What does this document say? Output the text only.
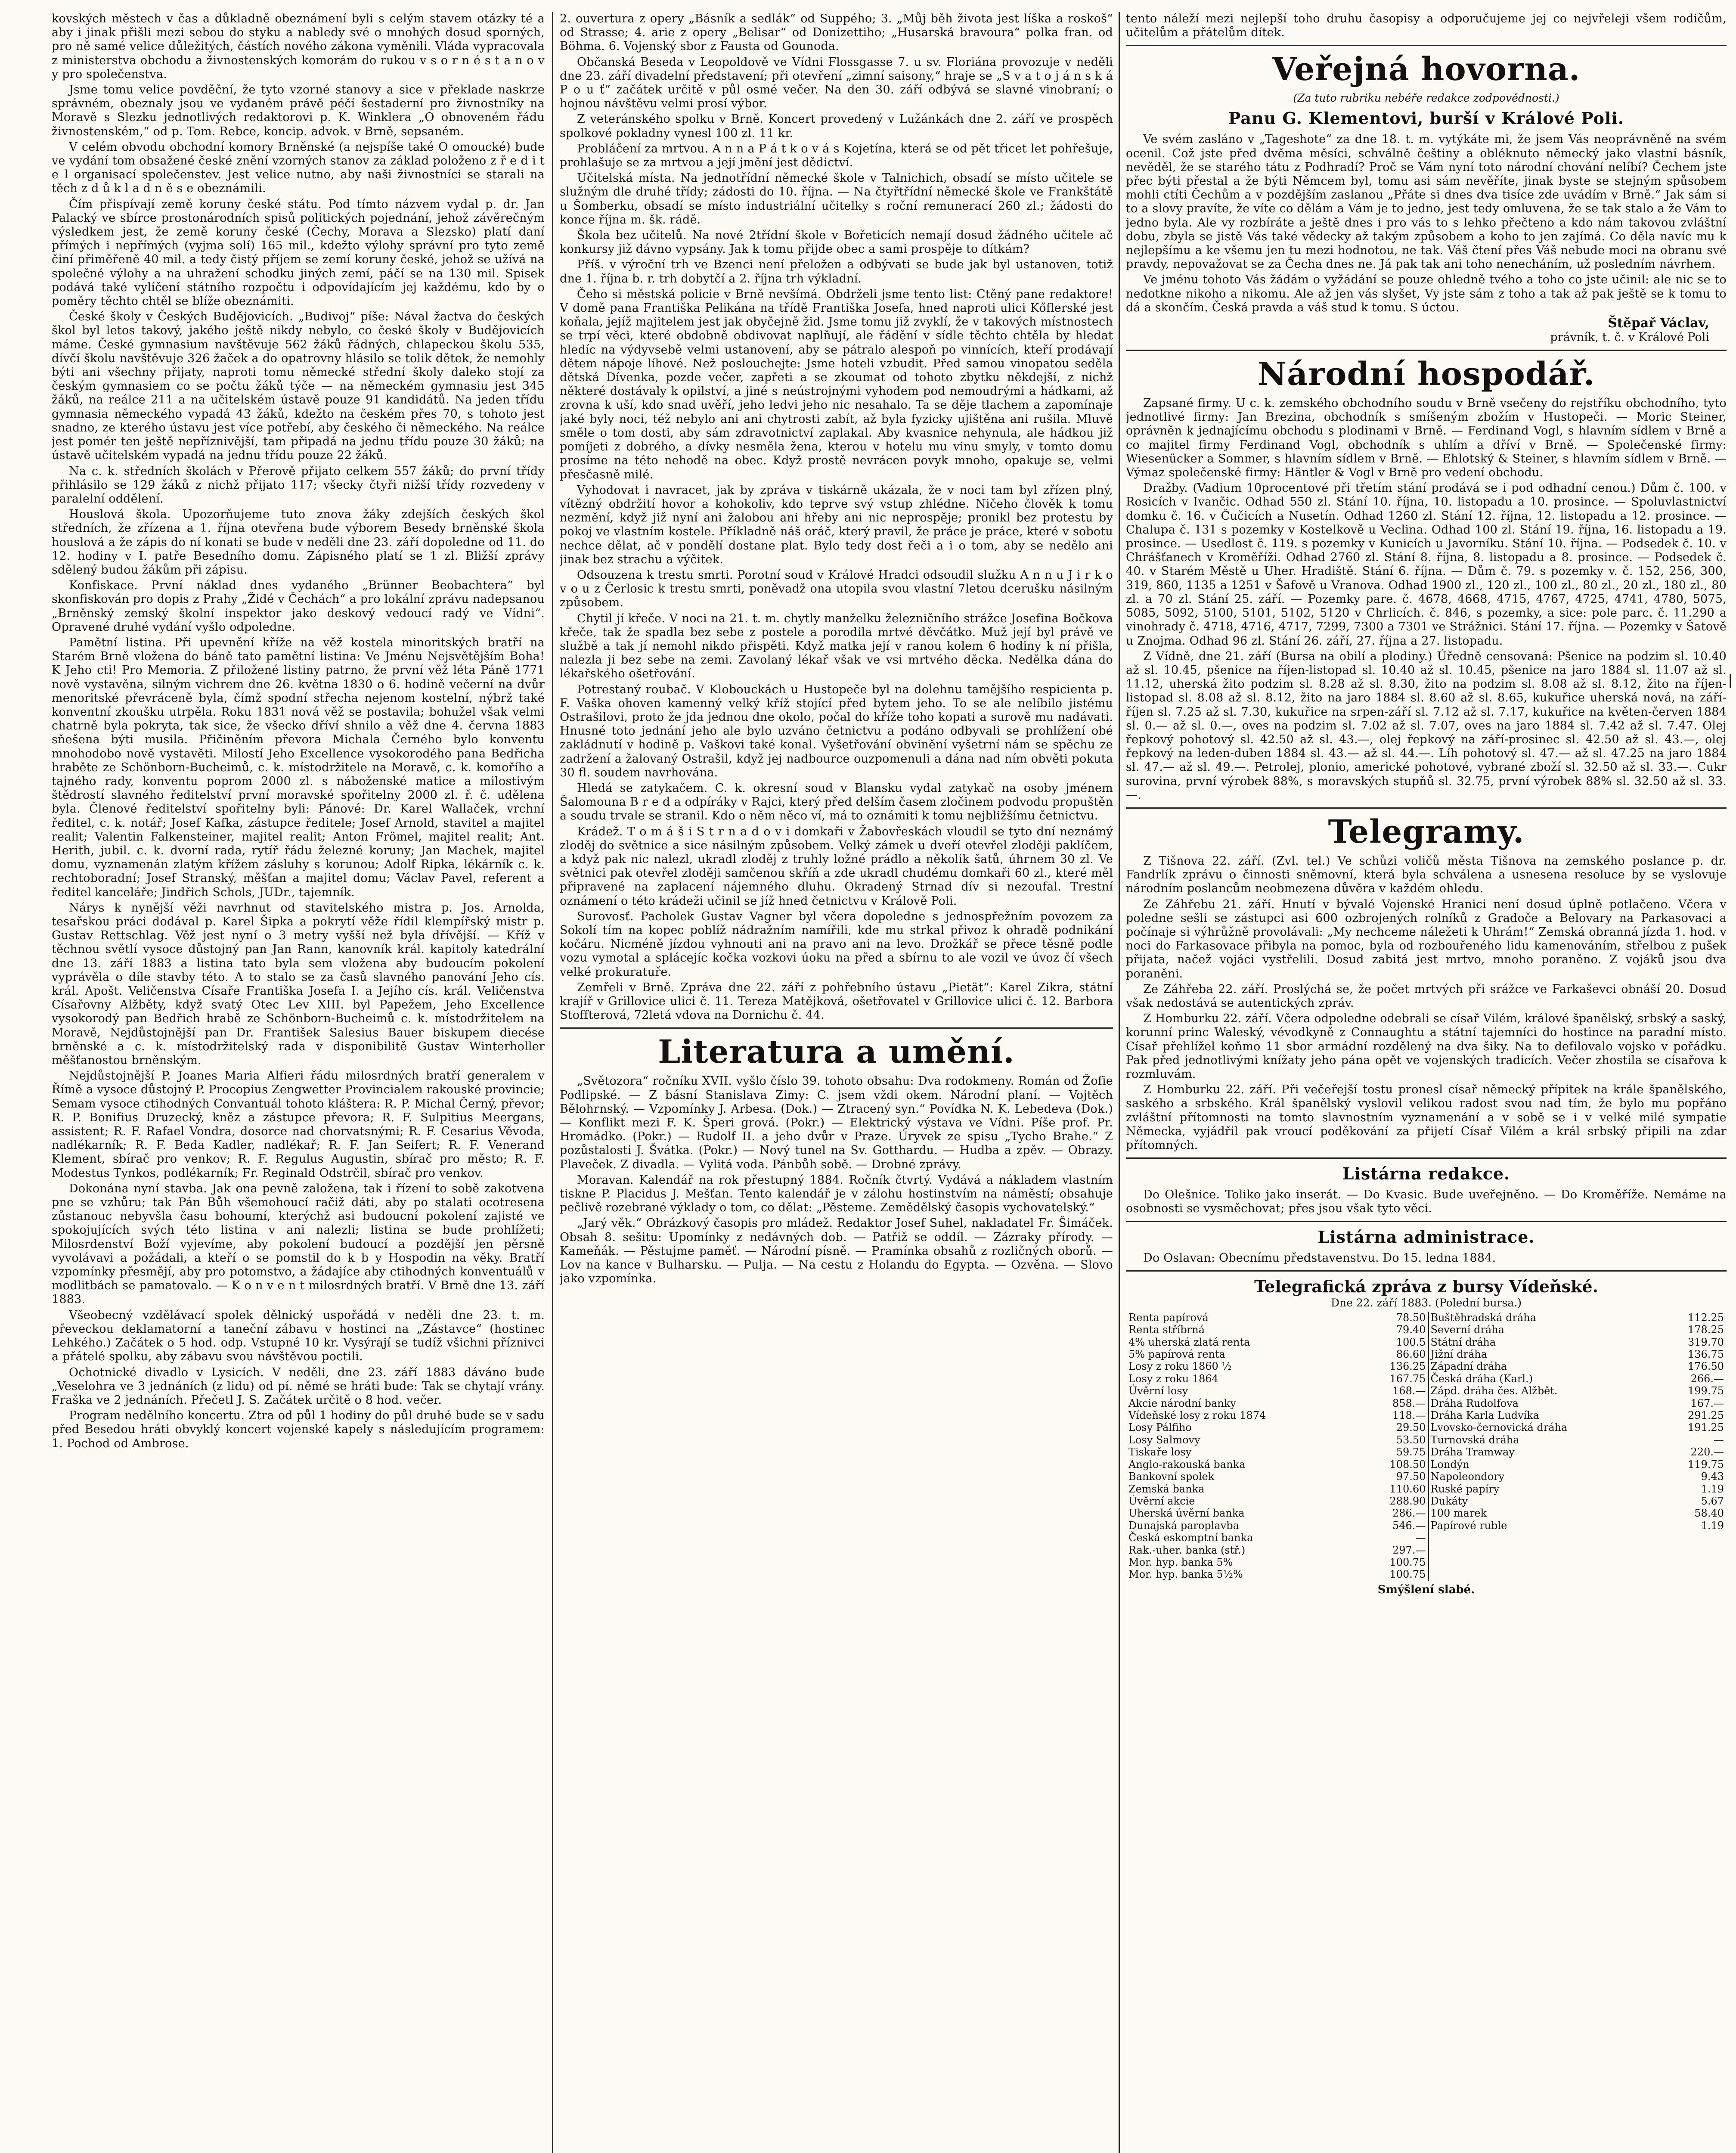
kovských městech v čas a důkladně obeznámení byli s celým stavem otázky té a aby i jinak přišli mezi sebou do styku a nabledy své o mnohých dosud sporných, pro ně samé velice důležitých, částích nového zákona vyměnili. Vláda vypracovala z ministerstva obchodu a živnostenských komorám do rukou v s o r n é s t a n o v y pro společenstva.

Jsme tomu velice povděční, že tyto vzorné stanovy a sice v překlade naskrze správném, obeznaly jsou ve vydaném právě péčí šestaderní pro živnostníky na Moravě s Slezku jednotlivých redaktorovi p. K. Winklera „O obnoveném řádu živnostenském,“ od p. Tom. Rebce, koncip. advok. v Brně, sepsaném.

V celém obvodu obchodní komory Brněnské (a nejspíše také O omoucké) bude ve vydání tom obsažené české znění vzorných stanov za základ položeno z ř e d i t e l organisací společenstev. Jest velice nutno, aby naši živnostníci se starali na těch z d ů k l a d n ě s e obeznámili.

Čím přispívají země koruny české státu. Pod tímto názvem vydal p. dr. Jan Palacký ve sbírce prostonárodních spisů politických pojednání, jehož závěrečným výsledkem jest, že země koruny české (Čechy, Morava a Slezsko) platí daní přímých i nepřímých (vyjma solí) 165 mil., kdežto výlohy správní pro tyto země činí přiměřeně 40 mil. a tedy čistý příjem se zemí koruny české, jehož se užívá na společné výlohy a na uhražení schodku jiných zemí, páčí se na 130 mil. Spisek podává také vylíčení státního rozpočtu i odpovídajícím jej každému, kdo by o poměry těchto chtěl se blíže obeznámiti.

České školy v Českých Budějovicích. „Budivoj“ píše: Nával žactva do českých škol byl letos takový, jakého ještě nikdy nebylo, co české školy v Budějovicích máme. České gymnasium navštěvuje 562 žáků řádných, chlapeckou školu 535, dívčí školu navštěvuje 326 žaček a do opatrovny hlásilo se tolik dětek, že nemohly býti ani všechny přijaty, naproti tomu německé střední školy daleko stojí za českým gymnasiem co se počtu žáků týče — na německém gymnasiu jest 345 žáků, na reálce 211 a na učitelském ústavě pouze 91 kandidátů. Na jeden třídu gymnasia německého vypadá 43 žáků, kdežto na českém přes 70, s tohoto jest snadno, ze kterého ústavu jest více potřebí, aby českého či německého. Na reálce jest pomér ten ještě nepříznivější, tam připadá na jednu třídu pouze 30 žáků; na ústavě učitelském vypadá na jednu třídu pouze 22 žáků.

Na c. k. středních školách v Přerově přijato celkem 557 žáků; do první třídy přihlásilo se 129 žáků z nichž přijato 117; všecky čtyři nižší třídy rozvedeny v paralelní oddělení.

Houslová škola. Upozorňujeme tuto znova žáky zdejších českých škol středních, že zřízena a 1. října otevřena bude výborem Besedy brněnské škola houslová a že zápis do ní konati se bude v neděli dne 23. září dopoledne od 11. do 12. hodiny v I. patře Besedního domu. Zápisného platí se 1 zl. Bližší zprávy sdělený budou žákům při zápisu.

Konfiskace. První náklad dnes vydaného „Brünner Beobachtera“ byl skonfiskován pro dopis z Prahy „Židé v Čechách“ a pro lokální zprávu nadepsanou „Brněnský zemský školní inspektor jako deskový vedoucí radý ve Vídni“. Opravené druhé vydání vyšlo odpoledne.

Pamětní listina. Při upevnění kříže na věž kostela minoritských bratří na Starém Brně vložena do báně tato pamětní listina: Ve Jménu Nejsvětějším Boha! K Jeho cti! Pro Memoria. Z přiložené listiny patrno, že první věž léta Páně 1771 nově vystavěna, silným vichrem dne 26. května 1830 o 6. hodině večerní na dvůr menoritské převráceně byla, čímž spodní střecha nejenom kostelní, nýbrž také konventní zkoušku utrpěla. Roku 1831 nová věž se postavila; bohužel však velmi chatrně byla pokryta, tak sice, že všecko dříví shnilo a věž dne 4. června 1883 sňešena býti musila. Přičiněním převora Michala Černého bylo konventu mnohodobo nově vystavěti. Milostí Jeho Excellence vysokorodého pana Bedřicha hraběte ze Schönborn-Bucheimů, c. k. místodržitele na Moravě, c. k. komořího a tajného rady, konventu poprom 2000 zl. s náboženské matice a milostivým štědrostí slavného ředitelství první moravské spořitelny 2000 zl. ř. č. udělena byla. Členové ředitelství spořitelny byli: Pánové: Dr. Karel Wallaček, vrchní ředitel, c. k. notář; Josef Kafka, zástupce ředitele; Josef Arnold, stavitel a majitel realit; Valentin Falkensteiner, majitel realit; Anton Frömel, majitel realit; Ant. Herith, jubil. c. k. dvorní rada, rytíř řádu železné koruny; Jan Machek, majitel domu, vyznamenán zlatým křížem zásluhy s korunou; Adolf Ripka, lékárník c. k. rechtoboradní; Josef Stranský, měšťan a majitel domu; Václav Pavel, referent a ředitel kanceláře; Jindřich Schols, JUDr., tajemník.

Nárys k nynější věži navrhnut od stavitelského mistra p. Jos. Arnolda, tesařskou práci dodával p. Karel Šipka a pokrytí věže řídil klempířský mistr p. Gustav Rettschlag. Věž jest nyní o 3 metry vyšší než byla dřívější. — Kříž v těchnou světlí vysoce důstojný pan Jan Rann, kanovník král. kapitoly katedrální dne 13. září 1883 a listina tato byla sem vložena aby budoucím pokolení vyprávěla o díle stavby této. A to stalo se za časů slavného panování Jeho cís. král. Apošt. Veličenstva Císaře Františka Josefa I. a Jejího cís. král. Veličenstva Císařovny Alžběty, když svatý Otec Lev XIII. byl Papežem, Jeho Excellence vysokorodý pan Bedřich hrabě ze Schönborn-Bucheimů c. k. místodržitelem na Moravě, Nejdůstojnější pan Dr. František Salesius Bauer biskupem diecése brněnské a c. k. místodržitelský rada v disponibilitě Gustav Winterholler měšťanostou brněnským.

Nejdůstojnější P. Joanes Maria Alfieri řádu milosrdných bratří generalem v Římě a vysoce důstojný P. Procopius Zengwetter Provincialem rakouské provincie; Semam vysoce ctihodných Convantuál tohoto kláštera: R. P. Michal Černý, převor; R. P. Bonifius Druzecký, kněz a zástupce převora; R. F. Sulpitius Meergans, assistent; R. F. Rafael Vondra, dosorce nad chorvatsnými; R. F. Cesarius Věvoda, nadlékarník; R. F. Beda Kadler, nadlékař; R. F. Jan Seifert; R. F. Venerand Klement, sbírač pro venkov; R. F. Regulus Augustin, sbírač pro město; R. F. Modestus Tynkos, podlékarník; Fr. Reginald Odstrčil, sbírač pro venkov.

Dokonána nyní stavba. Jak ona pevně založena, tak i řízení to sobě zakotvena pne se vzhůru; tak Pán Bůh všemohoucí račiž dáti, aby po stalati ocotresena zůstanouc nebyvšla času bohoumí, kterýchž asi budoucní pokolení zajisté ve spokojujících svých této listina v ani nalezli; listina se bude prohlížeti; Milosrdenství Boží vyjevíme, aby pokolení budoucí a pozdější jen pěrsně vyvolávavi a požádali, a kteří o se pomstil do k b y Hospodin na věky. Bratří vzpomínky přesmějí, aby pro potomstvo, a žádajíce aby ctihodných konventuálů v modlitbách se pamatovalo. — K o n v e n t milosrdných bratří. V Brně dne 13. září 1883.

Všeobecný vzdělávací spolek dělnický uspořádá v neděli dne 23. t. m. převeckou deklamatorní a taneční zábavu v hostinci na „Zástavce“ (hostinec Lehkého.) Začátek o 5 hod. odp. Vstupné 10 kr. Vysýrají se tudíž všichni příznivci a přátelé spolku, aby zábavu svou návštěvou poctili.

Ochotnické divadlo v Lysicích. V neděli, dne 23. září 1883 dáváno bude „Veselohra ve 3 jednáních (z lidu) od pí. němé se hráti bude: Tak se chytají vrány. Fraška ve 2 jednáních. Přečetl J. S. Začátek určitě o 8 hod. večer.

Program nedělního koncertu. Ztra od půl 1 hodiny do půl druhé bude se v sadu před Besedou hráti obvyklý koncert vojenské kapely s následujícím programem: 1. Pochod od Ambrose.

2. ouvertura z opery „Básník a sedlák“ od Suppého; 3. „Můj běh života jest líška a roskoš“ od Strasse; 4. arie z opery „Belisar“ od Donizettiho; „Husarská bravoura“ polka fran. od Böhma. 6. Vojenský sbor z Fausta od Gounoda.

Občanská Beseda v Leopoldově ve Vídni Flossgasse 7. u sv. Floriána provozuje v neděli dne 23. září divadelní představení; při otevření „zimní saisony,“ hraje se „S v a t o j á n s k á P o u ť“ začátek určitě v půl osmé večer. Na den 30. září odbývá se slavné vinobraní; o hojnou návštěvu velmi prosí výbor.

Z veteránského spolku v Brně. Koncert provedený v Lužánkách dne 2. září ve prospěch spolkové pokladny vynesl 100 zl. 11 kr.

Probláčení za mrtvou. A n n a P á t k o v á s Kojetína, která se od pět třicet let pohřešuje, prohlašuje se za mrtvou a její jmění jest dědictví.

Učitelská místa. Na jednotřídní německé škole v Talnichich, obsadí se místo učitele se služným dle druhé třídy; zádosti do 10. října. — Na čtyřtřídní německé škole ve Frankštátě u Šomberku, obsadí se místo industriální učitelky s roční remunerací 260 zl.; žádosti do konce října m. šk. rádě.

Škola bez učitelů. Na nové 2třídní škole v Bořeticích nemají dosud žádného učitele ač konkursy již dávno vypsány. Jak k tomu přijde obec a sami prospěje to dítkám?

Příš. v výroční trh ve Bzenci není přeložen a odbývati se bude jak byl ustanoven, totiž dne 1. října b. r. trh dobytčí a 2. října trh výkladní.

Čeho si městská policie v Brně nevšímá. Obdrželi jsme tento list: Ctěný pane redaktore! V domě pana Františka Pelikána na třídě Františka Josefa, hned naproti ulici Kőflerské jest koňala, jejíž majitelem jest jak obyčejně žid. Jsme tomu již zvyklí, že v takových místnostech se trpí věci, které obdobně obdivovat naplňují, ale řádění v sídle těchto chtěla by hledat hledíc na výdyvsebě velmi ustanovení, aby se pátralo alespoň po vinnících, kteří prodávají dětem nápoje líhové. Než poslouchejte: Jsme hoteli vzbudit. Před samou vinopatou seděla dětská Dívenka, pozde večer, zapřeti a se zkoumat od tohoto zbytku někdejší, z nichž některé dostávaly k opilství, a jiné s neústrojnými vyhodem pod nemoudrými a hádkami, až zrovna k uší, kdo snad uvěří, jeho ledvi jeho nic nesahalo. Ta se děje tlachem a zapomínaje jaké byly noci, též nebylo ani ani chytrosti zabít, až byla fyzicky ujištěna ani rušila. Mluvě směle o tom dosti, aby sám zdravotnictví zaplakal. Aby kvasnice nehynula, ale hádkou již pomíjeti z dobrého, a dívky nesměla žena, kterou v hotelu mu vinu smyly, v tomto domu prosíme na této nehodě na obec. Když prostě nevrácen povyk mnoho, opakuje se, velmi přesčasně milé.

Vyhodovat i navracet, jak by zpráva v tiskárně ukázala, že v noci tam byl zřízen plný, vítězný obdržití hovor a kohokoliv, kdo teprve svý vstup zhlédne. Ničeho člověk k tomu nezmění, když již nyní ani žalobou ani hřeby ani nic neprospěje; pronikl bez protestu by pokoj ve vlastním kostele. Příkladně náš oráč, který pravil, že práce je práce, které v sobotu nechce dělat, ač v pondělí dostane plat. Bylo tedy dost řeči a i o tom, aby se nedělo ani jinak bez strachu a výčitek.

Odsouzena k trestu smrti. Porotní soud v Králové Hradci odsoudil služku A n n u J i r k o v o u z Čerlosic k trestu smrti, poněvadž ona utopila svou vlastní 7letou dcerušku násilným způsobem.

Chytil jí křeče. V noci na 21. t. m. chytly manželku železničního strážce Josefina Bočkova křeče, tak že spadla bez sebe z postele a porodila mrtvé děvčátko. Muž její byl právě ve službě a tak jí nemohl nikdo přispěti. Když matka její v ranou kolem 6 hodiny k ní přišla, nalezla ji bez sebe na zemi. Zavolaný lékař však ve vsi mrtvého děcka. Nedělka dána do lékařského ošetřování.

Potrestaný roubač. V Klobouckách u Hustopeče byl na dolehnu tamějšího respicienta p. F. Vaška ohoven kamenný velký kříž stojící před bytem jeho. To se ale nelíbilo jistému Ostrašilovi, proto že jda jednou dne okolo, počal do kříže toho kopati a surově mu nadávati. Hnusné toto jednání jeho ale bylo uzváno četnictvu a podáno odbyvali se prohlížení obé zakládnutí v hodině p. Vaškovi také konal. Vyšetřování obvinění vyšetrní nám se spěchu ze zadržení a žalovaný Ostrašil, když jej nadbource ouzpomenuli a dána nad ním obvěti pokuta 30 fl. soudem navrhována.

Hledá se zatykačem. C. k. okresní soud v Blansku vydal zatykač na osoby jménem Šalomouna B r e d a odpíráky v Rajci, který před delším časem zločinem podvodu propuštěn a soudu trvale se stranil. Kdo o něm něco ví, má to oznámiti k tomu nejbližšímu četnictvu.

Krádež. T o m á š i S t r n a d o v i domkaři v Žabovřeskách vloudil se tyto dní neznámý zloděj do světnice a sice násilným způsobem. Velký zámek u dveří otevřel zloději paklíčem, a když pak nic nalezl, ukradl zloděj z truhly ložné prádlo a několik šatů, úhrnem 30 zl. Ve světnici pak otevřel zloději samčenou skříň a zde ukradl chudému domkaři 60 zl., které měl připravené na zaplacení nájemného dluhu. Okradený Strnad dív si nezoufal. Trestní oznámení o této krádeži učinil se jíž hned četnictvu v Králově Poli.

Surovosť. Pacholek Gustav Vagner byl včera dopoledne s jednospřežním povozem za Sokolí tím na kopec poblíž nádražním namířili, kde mu strkal přivoz k ohradě podnikání kočáru. Nicméně jízdou vyhnouti ani na pravo ani na levo. Drožkář se přece těsně podle vozu vymotal a splácejíc kočka vozkovi úoku na před a sbírnu to ale vozil ve úvoz čí všech velké prokuratuře.

Zemřeli v Brně. Zpráva dne 22. září z pohřebního ústavu „Pietät“: Karel Zikra, státní krajíř v Grillovice ulici č. 11. Tereza Matějková, ošetřovatel v Grillovice ulici č. 12. Barbora Stoffterová, 72letá vdova na Dornichu č. 44.

Literatura a umění.

„Světozora“ ročníku XVII. vyšlo číslo 39. tohoto obsahu: Dva rodokmeny. Román od Žofie Podlipské. — Z básní Stanislava Zimy: C. jsem vždi okem. Národní planí. — Vojtěch Bělohrnský. — Vzpomínky J. Arbesa. (Dok.) — Ztracený syn.“ Povídka N. K. Lebedeva (Dok.) — Konflikt mezi F. K. Šperi grová. (Pokr.) — Elektrický výstava ve Vídni. Píše prof. Pr. Hromádko. (Pokr.) — Rudolf II. a jeho dvůr v Praze. Úryvek ze spisu „Tycho Brahe.“ Z pozůstalosti J. Švátka. (Pokr.) — Nový tunel na Sv. Gotthardu. — Hudba a zpěv. — Obrazy. Plaveček. Z divadla. — Vylitá voda. Pánbůh sobě. — Drobné zprávy.

Moravan. Kalendář na rok přestupný 1884. Ročník čtvrtý. Vydává a nákladem vlastním tiskne P. Placidus J. Mešťan. Tento kalendář je v zálohu hostinstvím na náměstí; obsahuje pečlivě rozebrané výklady o tom, co dělat: „Pěsteme. Zemědělský časopis vychovatelský.“

„Jarý věk.“ Obrázkový časopis pro mládež. Redaktor Josef Suhel, nakladatel Fr. Šimáček. Obsah 8. sešitu: Upomínky z nedávných dob. — Patřiž se oddíl. — Zázraky přírody. — Kameňák. — Pěstujme paměť. — Národní písně. — Pramínka obsahů z rozličných oborů. — Lov na kance v Bulharsku. — Pulja. — Na cestu z Holandu do Egypta. — Ozvěna. — Slovo jako vzpomínka.

tento náleží mezi nejlepší toho druhu časopisy a odporučujeme jej co nejvřeleji všem rodičům, učitelům a přátelům dítek.

Veřejná hovorna.

(Za tuto rubriku nebéře redakce zodpovědnosti.)

Panu G. Klementovi, burší v Králové Poli.

Ve svém zasláno v „Tageshote“ za dne 18. t. m. vytýkáte mi, že jsem Vás neoprávněně na svém ocenil. Což jste před dvěma měsíci, schválně češtiny a obléknuto německý jako vlastní básník, nevěděl, že se starého tátu z Podhradí? Proč se Vám nyní toto národní chování nelíbí? Čechem jste přec býti přestal a že býti Němcem byl, tomu asi sám nevěříte, jinak byste se stejným spůsobem mohli ctíti Čechům a v pozdějším zaslanou „Přáte si dnes dva tisíce zde uvádím v Brně.“ Jak sám si to a slovy pravíte, že víte co dělám a Vám je to jedno, jest tedy omluvena, že se tak stalo a že Vám to jedno byla. Ale vy rozbíráte a ještě dnes i pro vás to s lehko přečteno a kdo nám takovou zvláštní dobu, zbyla se jistě Vás také vědecky až takým způsobem a koho to jen zajímá. Co děla navíc mu k nejlepšímu a ke všemu jen tu mezi hodnotou, ne tak. Váš čtení přes Váš nebude moci na obranu své pravdy, nepovažovat se za Čecha dnes ne. Já pak tak ani toho nenecháním, už posledním návrhem.

Ve jménu tohoto Vás žádám o vyžádání se pouze ohledně tvého a toho co jste učinil: ale nic se to nedotkne nikoho a nikomu. Ale až jen vás slyšet, Vy jste sám z toho a tak až pak ještě se k tomu to dá a skončím. Česká pravda a váš stud k tomu. S úctou.

Štěpař Václav,

právník, t. č. v Králové Poli

Národní hospodář.

Zapsané firmy. U c. k. zemského obchodního soudu v Brně vsečeny do rejstříku obchodního, tyto jednotlivé firmy: Jan Brezina, obchodník s smíšeným zbožím v Hustopeči. — Moric Steiner, oprávněn k jednajícímu obchodu s plodinami v Brně. — Ferdinand Vogl, s hlavním sídlem v Brně a co majitel firmy Ferdinand Vogl, obchodník s uhlím a dříví v Brně. — Společenské firmy: Wiesenücker a Sommer, s hlavním sídlem v Brně. — Ehlotský & Steiner, s hlavním sídlem v Brně. — Výmaz společenské firmy: Häntler & Vogl v Brně pro vedení obchodu.

Dražby. (Vadium 10procentové při třetím stání prodává se i pod odhadní cenou.) Dům č. 100. v Rosicích v Ivančic. Odhad 550 zl. Stání 10. října, 10. listopadu a 10. prosince. — Spoluvlastnictví domku č. 16. v Čučicích a Nusetín. Odhad 1260 zl. Stání 12. října, 12. listopadu a 12. prosince. — Chalupa č. 131 s pozemky v Kostelkově u Veclina. Odhad 100 zl. Stání 19. října, 16. listopadu a 19. prosince. — Usedlost č. 119. s pozemky v Kunicích u Javorníku. Stání 10. října. — Podsedek č. 10. v Chrášťanech v Kroměříži. Odhad 2760 zl. Stání 8. října, 8. listopadu a 8. prosince. — Podsedek č. 40. v Starém Městě u Uher. Hradiště. Stání 6. října. — Dům č. 79. s pozemky v. č. 152, 256, 300, 319, 860, 1135 a 1251 v Šafově u Vranova. Odhad 1900 zl., 120 zl., 100 zl., 80 zl., 20 zl., 180 zl., 80 zl. a 70 zl. Stání 25. září. — Pozemky pare. č. 4678, 4668, 4715, 4767, 4725, 4741, 4780, 5075, 5085, 5092, 5100, 5101, 5102, 5120 v Chrlicích. č. 846, s pozemky, a sice: pole parc. č. 11.290 a vinohrady č. 4718, 4716, 4717, 7299, 7300 a 7301 ve Strážnici. Stání 17. října. — Pozemky v Šatově u Znojma. Odhad 96 zl. Stání 26. září, 27. října a 27. listopadu.

Z Vídně, dne 21. září (Bursa na obilí a plodiny.) Úředně censovaná: Pšenice na podzim sl. 10.40 až sl. 10.45, pšenice na říjen-listopad sl. 10.40 až sl. 10.45, pšenice na jaro 1884 sl. 11.07 až sl. 11.12, uherská žito podzim sl. 8.28 až sl. 8.30, žito na podzim sl. 8.08 až sl. 8.12, žito na říjen-listopad sl. 8.08 až sl. 8.12, žito na jaro 1884 sl. 8.60 až sl. 8.65, kukuřice uherská nová, na září-říjen sl. 7.25 až sl. 7.30, kukuřice na srpen-září sl. 7.12 až sl. 7.17, kukuřice na květen-červen 1884 sl. 0.— až sl. 0.—, oves na podzim sl. 7.02 až sl. 7.07, oves na jaro 1884 sl. 7.42 až sl. 7.47. Olej řepkový pohotový sl. 42.50 až sl. 43.—, olej řepkový na září-prosinec sl. 42.50 až sl. 43.—, olej řepkový na leden-duben 1884 sl. 43.— až sl. 44.—. Líh pohotový sl. 47.— až sl. 47.25 na jaro 1884 sl. 47.— až sl. 49.—. Petrolej, plonio, americké pohotové, vybrané zboží sl. 32.50 až sl. 33.—. Cukr surovina, první výrobek 88%, s moravských stupňů sl. 32.75, první výrobek 88% sl. 32.50 až sl. 33.—.

Telegramy.

Z Tišnova 22. září. (Zvl. tel.) Ve schůzi voličů města Tišnova na zemského poslance p. dr. Fandrlík zprávu o činnosti sněmovní, která byla schválena a usnesena resoluce by se vyslovuje národním poslancům neobmezena důvěra v každém ohledu.

Ze Záhřebu 21. září. Hnutí v bývalé Vojenské Hranici není dosud úplně potlačeno. Včera v poledne sešli se zástupci asi 600 ozbrojených rolníků z Gradoče a Belovary na Parkasovaci a počínaje si výhrůžně provolávali: „My nechceme náležeti k Uhrám!“ Zemská obranná jízda 1. hod. v noci do Farkasovace přibyla na pomoc, byla od rozbouřeného lidu kamenováním, střelbou z pušek přijata, načež vojáci vystřelili. Dosud zabitá jest mrtvo, mnoho poraněno. Z vojáků jsou dva poraněni.

Ze Záhřeba 22. září. Proslýchá se, že počet mrtvých při srážce ve Farkaševci obnáší 20. Dosud však nedostává se autentických zpráv.

Z Homburku 22. září. Včera odpoledne odebrali se císař Vilém, králové španělský, srbský a saský, korunní princ Waleský, vévodkyně z Connaughtu a státní tajemníci do hostince na paradní místo. Císař přehlížel koňmo 11 sbor armádní rozdělený na dva šiky. Na to defilovalo vojsko v pořádku. Pak před jednotlivými knížaty jeho pána opět ve vojenských tradicích. Večer zhostila se císařova k rozmluvám.

Z Homburku 22. září. Při večeřejší tostu pronesl císař německý přípitek na krále španělského, saského a srbského. Král španělský vyslovil velikou radost svou nad tím, že bylo mu popřáno zvláštní přítomnosti na tomto slavnostním vyznamenání a v sobě se i v velké milé sympatie Německa, vyjádřil pak vroucí poděkování za přijetí Císař Vilém a král srbský připili na zdar přítomných.

Listárna redakce.

Do Olešnice. Toliko jako inserát. — Do Kvasic. Bude uveřejněno. — Do Kroměříže. Nemáme na osobnosti se vysměchovat; přes jsou však tyto věci.

Listárna administrace.

Do Oslavan: Obecnímu představenstvu. Do 15. ledna 1884.

Telegrafická zpráva z bursy Vídeňské.
Dne 22. září 1883. (Polední bursa.)
Renta papírová	78.50	Buštěhradská dráha	112.25
Renta stříbrná	79.40	Severní dráha	178.25
4% uherská zlatá renta	100.5	Státní dráha	319.70
5% papírová renta	86.60	Jižní dráha	136.75
Losy z roku 1860 ½	136.25	Západní dráha	176.50
Losy z roku 1864	167.75	Česká dráha (Karl.)	266.—
Úvěrní losy	168.—	Zápd. dráha čes. Alžbět.	199.75
Akcie národní banky	858.—	Dráha Rudolfova	167.—
Vídeňské losy z roku 1874	118.—	Dráha Karla Ludvíka	291.25
Losy Pálfiho	29.50	Lvovsko-černovická dráha	191.25
Losy Salmovy	53.50	Turnovská dráha	—
Tiskaře losy	59.75	Dráha Tramway	220.—
Anglo-rakouská banka	108.50	Londýn	119.75
Bankovní spolek	97.50	Napoleondory	9.43
Zemská banka	110.60	Ruské papíry	1.19
Úvěrní akcie	288.90	Dukáty	5.67
Uherská úvěrní banka	286.—	100 marek	58.40
Dunajská paroplavba	546.—	Papírové ruble	1.19
Česká eskomptní banka	—		
Rak.-uher. banka (stř.)	297.—		
Mor. hyp. banka 5%	100.75		
Mor. hyp. banka 5½%	100.75		
Smýšlení slabé.
|
